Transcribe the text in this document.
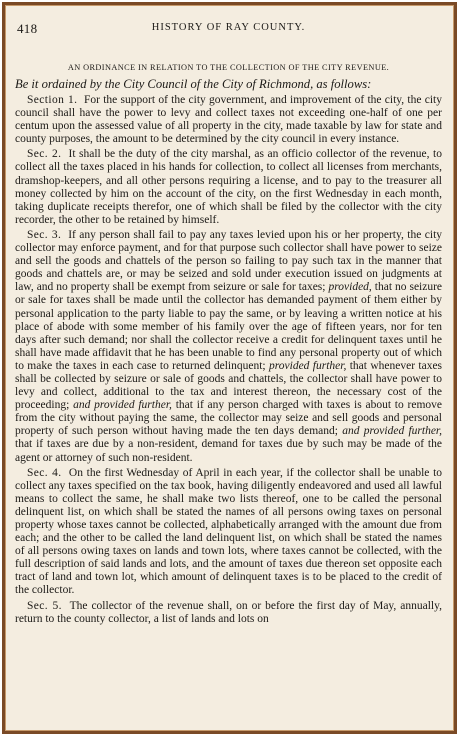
418	HISTORY OF RAY COUNTY.
AN ORDINANCE IN RELATION TO THE COLLECTION OF THE CITY REVENUE.
Be it ordained by the City Council of the City of Richmond, as follows:

Section 1. For the support of the city government, and improvement of the city, the city council shall have the power to levy and collect taxes not exceeding one-half of one per centum upon the assessed value of all property in the city, made taxable by law for state and county purposes, the amount to be determined by the city council in every instance.

Sec. 2. It shall be the duty of the city marshal, as an officio collector of the revenue, to collect all the taxes placed in his hands for collection, to collect all licenses from merchants, dramshop-keepers, and all other persons requiring a license, and to pay to the treasurer all money collected by him on the account of the city, on the first Wednesday in each month, taking duplicate receipts therefor, one of which shall be filed by the collector with the city recorder, the other to be retained by himself.

Sec. 3. If any person shall fail to pay any taxes levied upon his or her property, the city collector may enforce payment, and for that purpose such collector shall have power to seize and sell the goods and chattels of the person so failing to pay such tax in the manner that goods and chattels are, or may be seized and sold under execution issued on judgments at law, and no property shall be exempt from seizure or sale for taxes; provided, that no seizure or sale for taxes shall be made until the collector has demanded payment of them either by personal application to the party liable to pay the same, or by leaving a written notice at his place of abode with some member of his family over the age of fifteen years, nor for ten days after such demand; nor shall the collector receive a credit for delinquent taxes until he shall have made affidavit that he has been unable to find any personal property out of which to make the taxes in each case to returned delinquent; provided further, that whenever taxes shall be collected by seizure or sale of goods and chattels, the collector shall have power to levy and collect, additional to the tax and interest thereon, the necessary cost of the proceeding; and provided further, that if any person charged with taxes is about to remove from the city without paying the same, the collector may seize and sell goods and personal property of such person without having made the ten days demand; and provided further, that if taxes are due by a non-resident, demand for taxes due by such may be made of the agent or attorney of such non-resident.

Sec. 4. On the first Wednesday of April in each year, if the collector shall be unable to collect any taxes specified on the tax book, having diligently endeavored and used all lawful means to collect the same, he shall make two lists thereof, one to be called the personal delinquent list, on which shall be stated the names of all persons owing taxes on personal property whose taxes cannot be collected, alphabetically arranged with the amount due from each; and the other to be called the land delinquent list, on which shall be stated the names of all persons owing taxes on lands and town lots, where taxes cannot be collected, with the full description of said lands and lots, and the amount of taxes due thereon set opposite each tract of land and town lot, which amount of delinquent taxes is to be placed to the credit of the collector.

Sec. 5. The collector of the revenue shall, on or before the first day of May, annually, return to the county collector, a list of lands and lots on
